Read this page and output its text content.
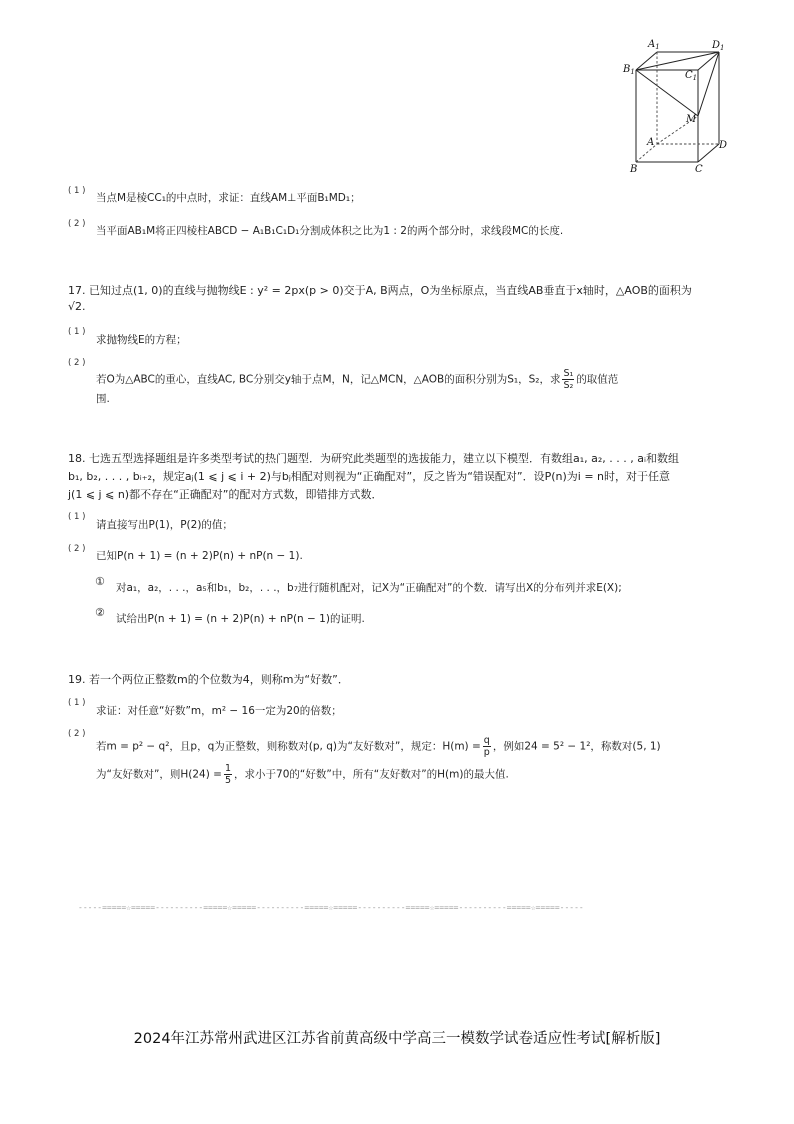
$A_1$	$D_1$
$B_1$	$C_1$
M
A	D
B	C
( 1 )
当点M是棱CC₁的中点时，求证：直线AM⊥平面B₁MD₁；
( 2 )
当平面AB₁M将正四棱柱ABCD − A₁B₁C₁D₁分割成体积之比为1 : 2的两个部分时，求线段MC的长度.
17. 已知过点(1, 0)的直线与抛物线E : y² = 2px(p > 0)交于A, B两点，O为坐标原点，当直线AB垂直于x轴时，△AOB的面积为
√2.
( 1 )
求抛物线E的方程；
( 2 )
若O为△ABC的重心，直线AC, BC分别交y轴于点M，N，记△MCN，△AOB的面积分别为S₁，S₂，求 $\frac{\text{S₁}}{\text{S₂}}$ 的取值范
围.
18. 七选五型选择题组是许多类型考试的热门题型．为研究此类题型的选拔能力，建立以下模型．有数组a₁, a₂, . . . , aᵢ和数组
b₁, b₂, . . . , bᵢ₊₂，规定aⱼ(1 ⩽ j ⩽ i + 2)与bⱼ相配对则视为“正确配对”，反之皆为“错误配对”．设P(n)为i = n时，对于任意
j(1 ⩽ j ⩽ n)都不存在“正确配对”的配对方式数，即错排方式数．
( 1 )
请直接写出P(1)，P(2)的值；
( 2 )
已知P(n + 1) = (n + 2)P(n) + nP(n − 1).
① 对a₁，a₂，. . .，a₅和b₁，b₂，. . .，b₇进行随机配对，记X为“正确配对”的个数．请写出X的分布列并求E(X);
② 试给出P(n + 1) = (n + 2)P(n) + nP(n − 1)的证明.
19. 若一个两位正整数m的个位数为4，则称m为“好数”．
( 1 )
求证：对任意“好数”m，m² − 16一定为20的倍数；
( 2 )
若m = p² − q²，且p，q为正整数，则称数对(p, q)为“友好数对”，规定：$H(m) = \frac{q}{p}$ ，例如24 = 5² − 1²，称数对(5, 1)
为“友好数对”，则$H(24) = \frac{1}{5}$ ，求小于70的“好数”中，所有“友好数对”的H(m)的最大值.
-----=====☆=====----------=====☆=====----------=====☆=====----------=====☆=====----------=====☆=====-----
2024年江苏常州武进区江苏省前黄高级中学高三一模数学试卷适应性考试[解析版]
